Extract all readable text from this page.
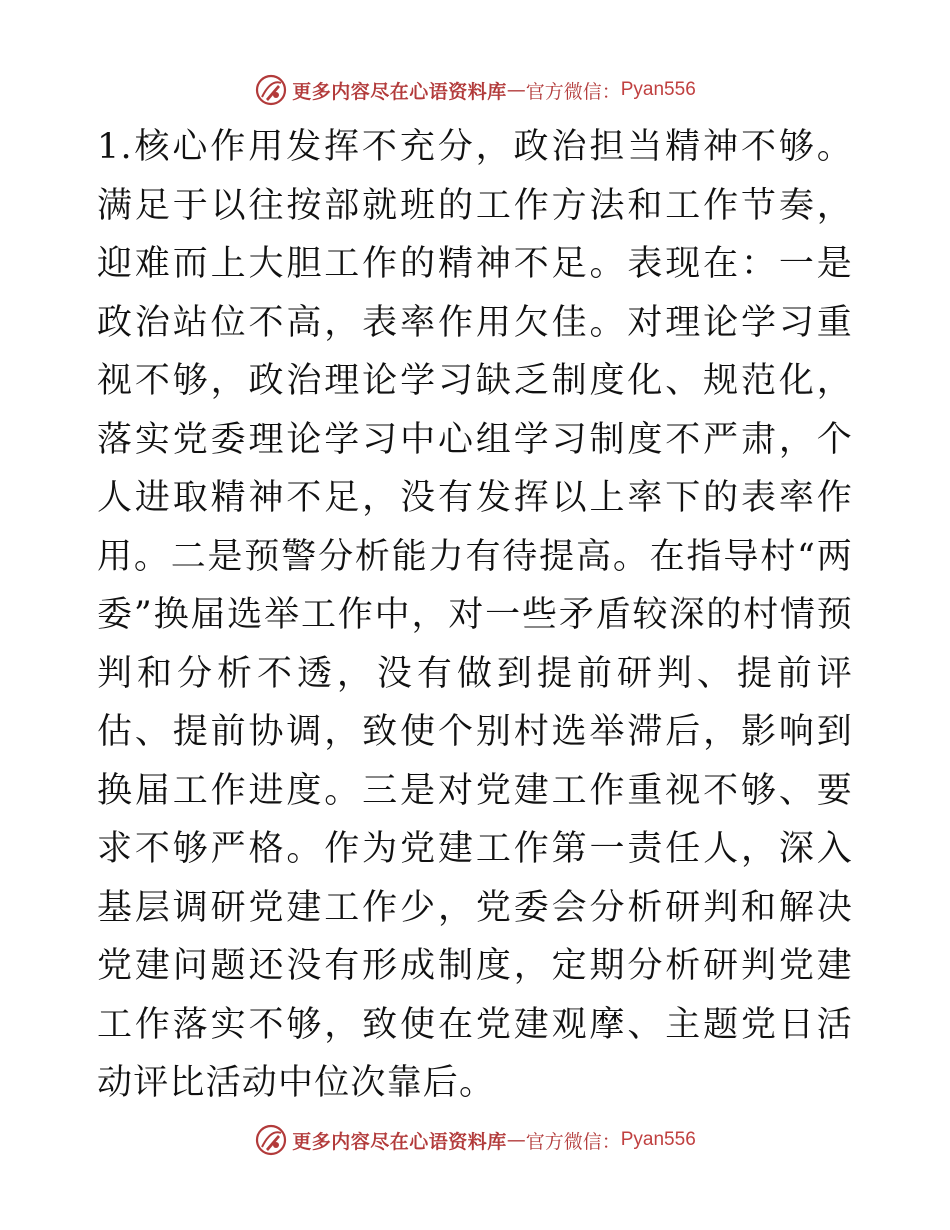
更多内容尽在心语资料库 — 官方微信： Pyan556

1.核心作用发挥不充分，政治担当精神不够。满足于以往按部就班的工作方法和工作节奏，迎难而上大胆工作的精神不足。表现在：一是政治站位不高，表率作用欠佳。对理论学习重视不够，政治理论学习缺乏制度化、规范化，落实党委理论学习中心组学习制度不严肃，个人进取精神不足，没有发挥以上率下的表率作用。二是预警分析能力有待提高。在指导村“两委”换届选举工作中，对一些矛盾较深的村情预判和分析不透，没有做到提前研判、提前评估、提前协调，致使个别村选举滞后，影响到换届工作进度。三是对党建工作重视不够、要求不够严格。作为党建工作第一责任人，深入基层调研党建工作少，党委会分析研判和解决党建问题还没有形成制度，定期分析研判党建工作落实不够，致使在党建观摩、主题党日活动评比活动中位次靠后。

更多内容尽在心语资料库 — 官方微信： Pyan556
